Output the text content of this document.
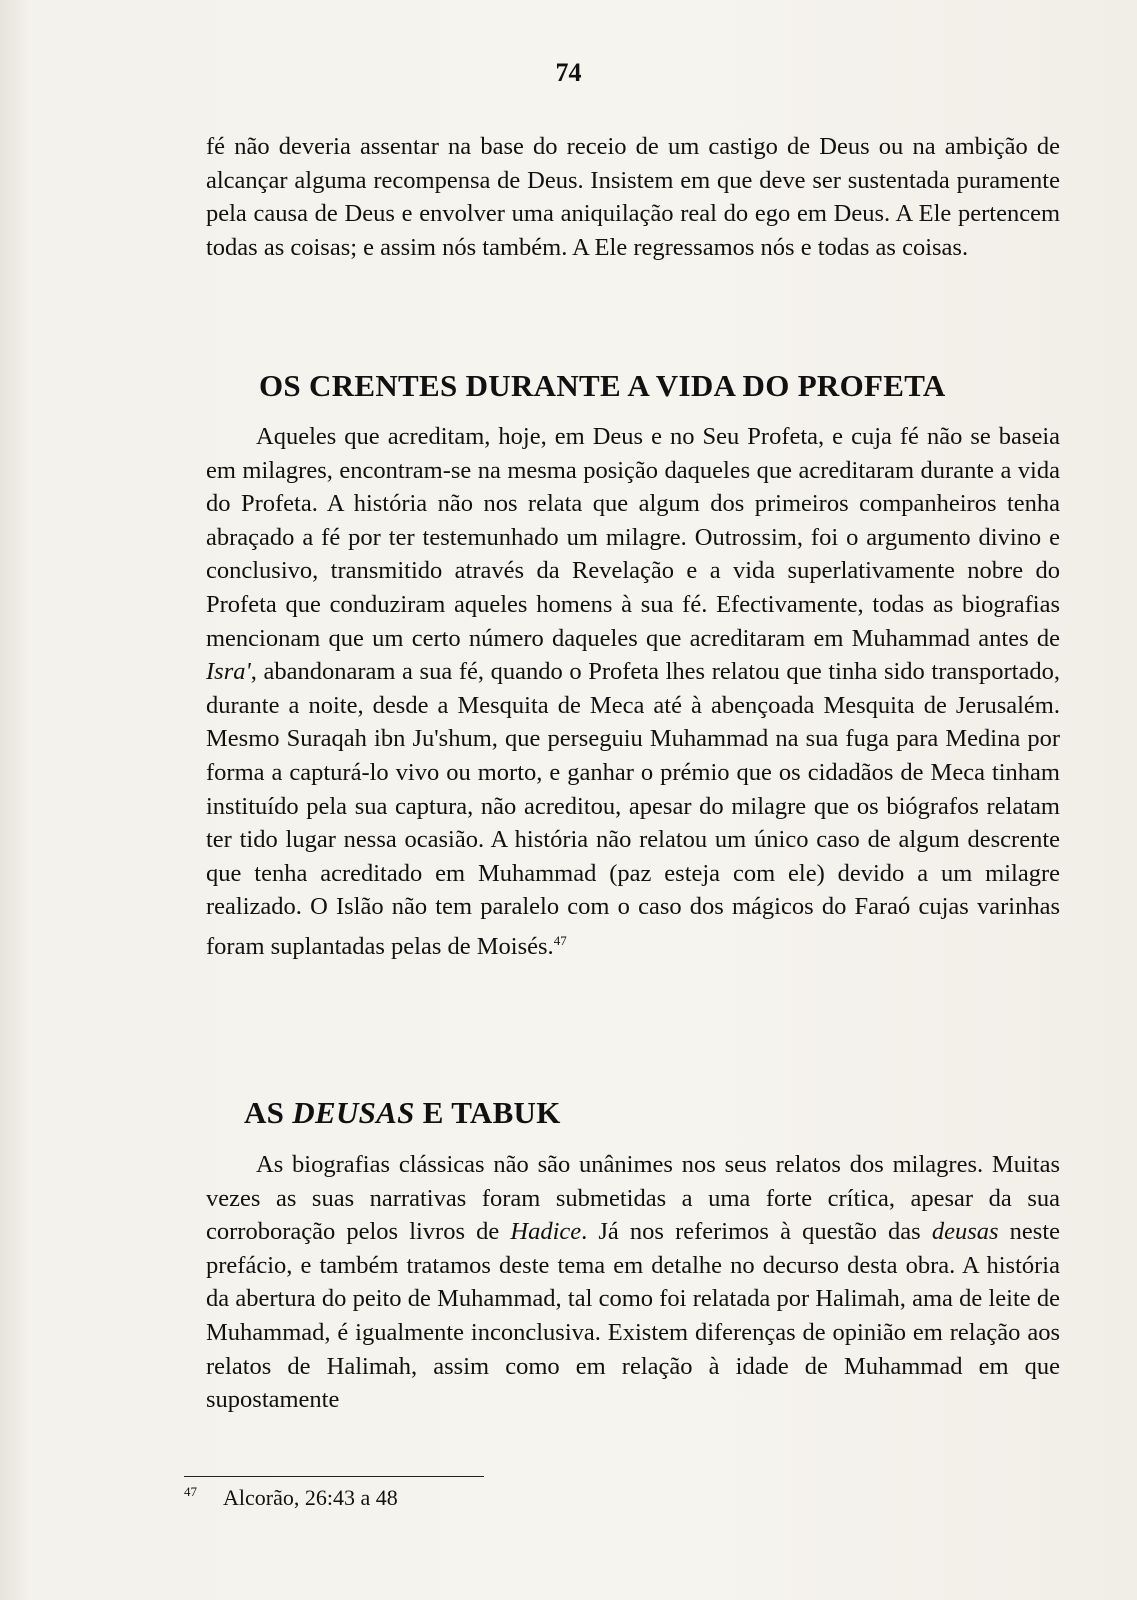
74
fé não deveria assentar na base do receio de um castigo de Deus ou na ambição de alcançar alguma recompensa de Deus. Insistem em que deve ser sustentada puramente pela causa de Deus e envolver uma aniquilação real do ego em Deus. A Ele pertencem todas as coisas; e assim nós também. A Ele regressamos nós e todas as coisas.
OS CRENTES DURANTE A VIDA DO PROFETA
Aqueles que acreditam, hoje, em Deus e no Seu Profeta, e cuja fé não se baseia em milagres, encontram-se na mesma posição daqueles que acreditaram durante a vida do Profeta. A história não nos relata que algum dos primeiros companheiros tenha abraçado a fé por ter testemunhado um milagre. Outrossim, foi o argumento divino e conclusivo, transmitido através da Revelação e a vida superlativamente nobre do Profeta que conduziram aqueles homens à sua fé. Efectivamente, todas as biografias mencionam que um certo número daqueles que acreditaram em Muhammad antes de Isra', abandonaram a sua fé, quando o Profeta lhes relatou que tinha sido transportado, durante a noite, desde a Mesquita de Meca até à abençoada Mesquita de Jerusalém. Mesmo Suraqah ibn Ju'shum, que perseguiu Muhammad na sua fuga para Medina por forma a capturá-lo vivo ou morto, e ganhar o prémio que os cidadãos de Meca tinham instituído pela sua captura, não acreditou, apesar do milagre que os biógrafos relatam ter tido lugar nessa ocasião. A história não relatou um único caso de algum descrente que tenha acreditado em Muhammad (paz esteja com ele) devido a um milagre realizado. O Islão não tem paralelo com o caso dos mágicos do Faraó cujas varinhas foram suplantadas pelas de Moisés.$^{47}$
AS DEUSAS E TABUK
As biografias clássicas não são unânimes nos seus relatos dos milagres. Muitas vezes as suas narrativas foram submetidas a uma forte crítica, apesar da sua corroboração pelos livros de Hadice. Já nos referimos à questão das deusas neste prefácio, e também tratamos deste tema em detalhe no decurso desta obra. A história da abertura do peito de Muhammad, tal como foi relatada por Halimah, ama de leite de Muhammad, é igualmente inconclusiva. Existem diferenças de opinião em relação aos relatos de Halimah, assim como em relação à idade de Muhammad em que supostamente
$^{47}$ Alcorão, 26:43 a 48
